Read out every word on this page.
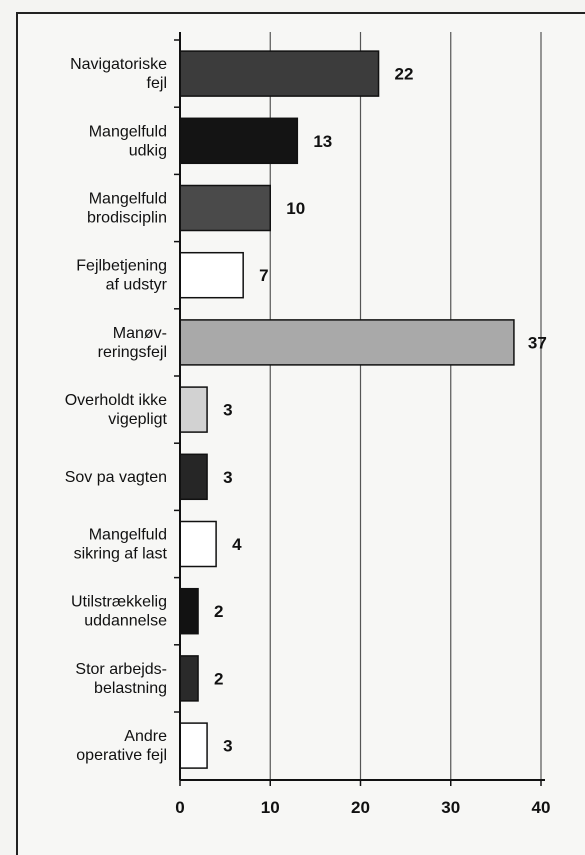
0	10	20	30	40
22
Navigatoriske fejl
13
Mangelfuld udkig
10
Mangelfuld brodisciplin
7
Fejlbetjening af udstyr
37
Manøv-reringsfejl
3
Overholdt ikke vigepligt
3
Sov pa vagten
4
Mangelfuld sikring af last
2
Utilstrækkelig uddannelse
2
Stor arbejds-belastning
3
Andre operative fejl
